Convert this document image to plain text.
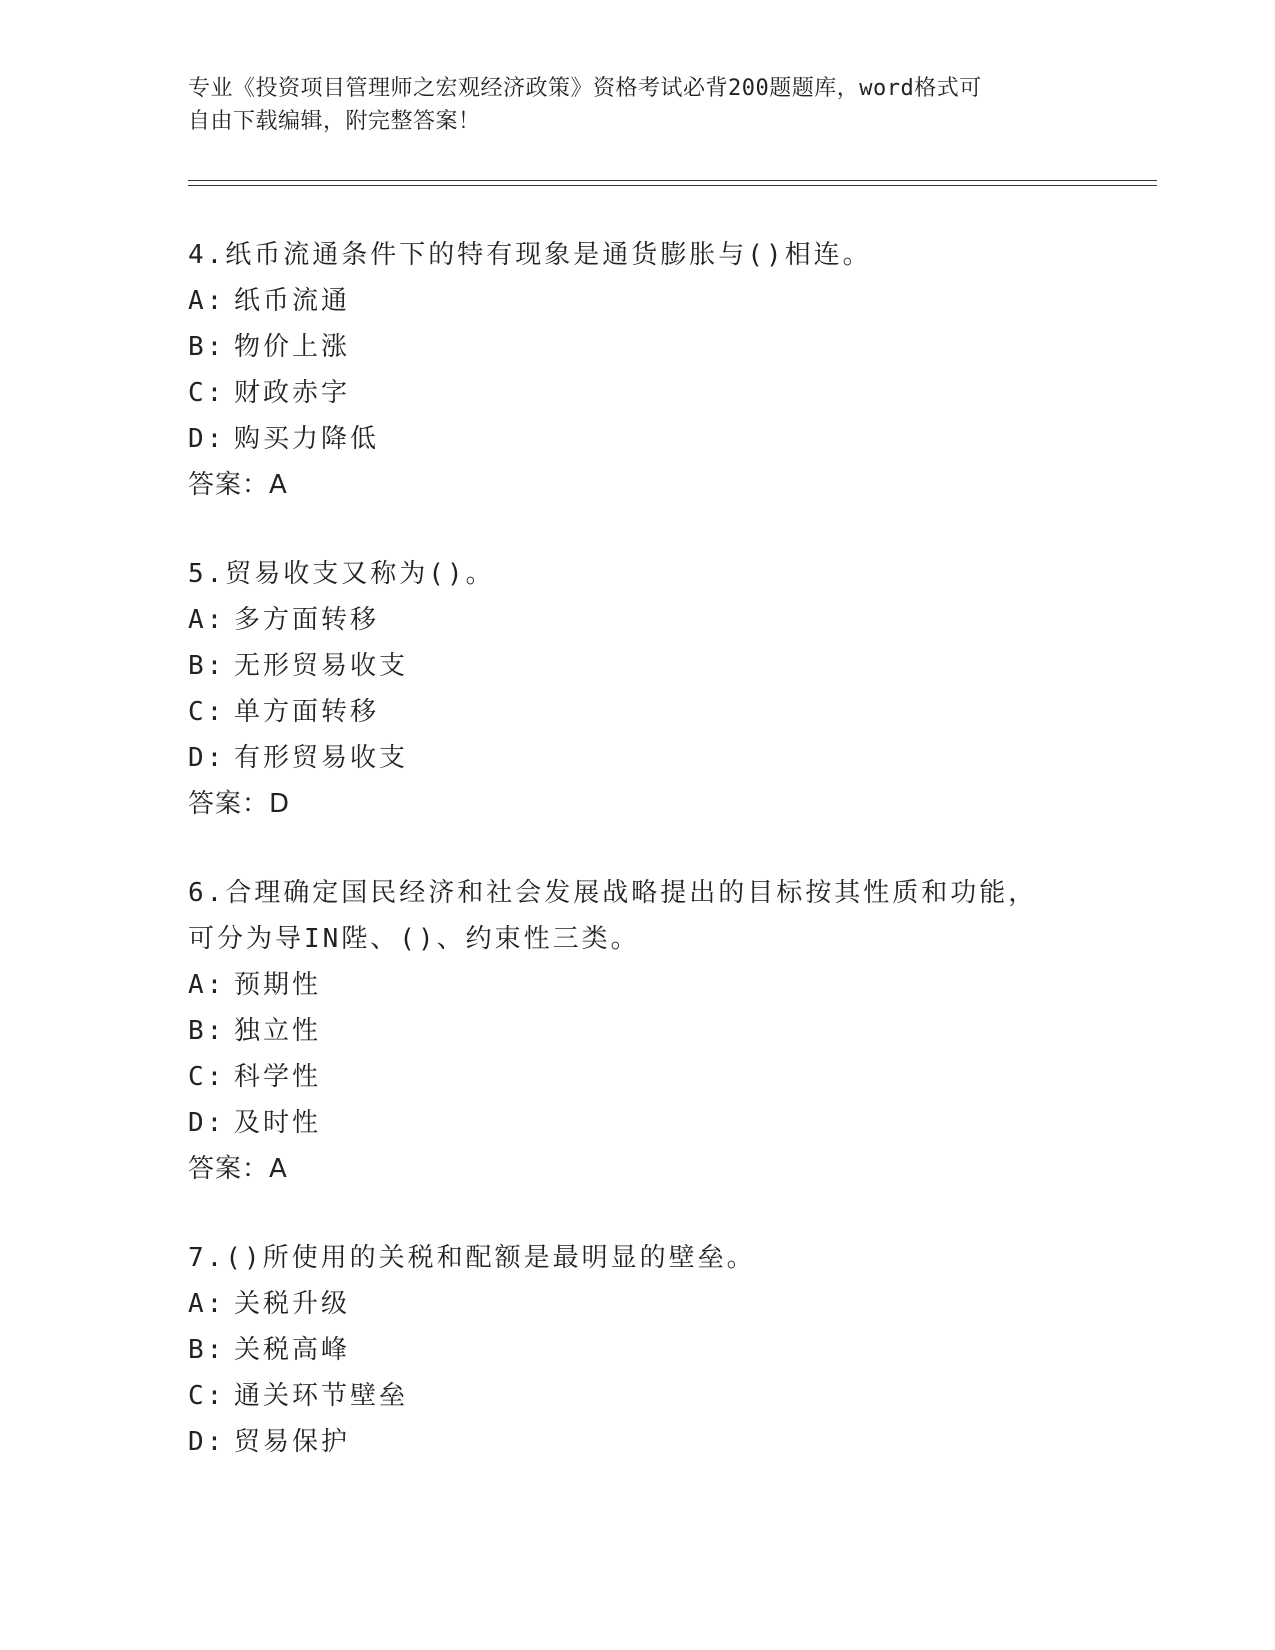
专业《投资项目管理师之宏观经济政策》资格考试必背200题题库，word格式可

自由下载编辑，附完整答案！

4.纸币流通条件下的特有现象是通货膨胀与()相连。

A: 纸币流通

B: 物价上涨

C: 财政赤字

D: 购买力降低

答案：A

5.贸易收支又称为()。

A: 多方面转移

B: 无形贸易收支

C: 单方面转移

D: 有形贸易收支

答案：D

6.合理确定国民经济和社会发展战略提出的目标按其性质和功能，可分为导IN陛、()、约束性三类。

A: 预期性

B: 独立性

C: 科学性

D: 及时性

答案：A

7.()所使用的关税和配额是最明显的壁垒。

A: 关税升级

B: 关税高峰

C: 通关环节壁垒

D: 贸易保护
